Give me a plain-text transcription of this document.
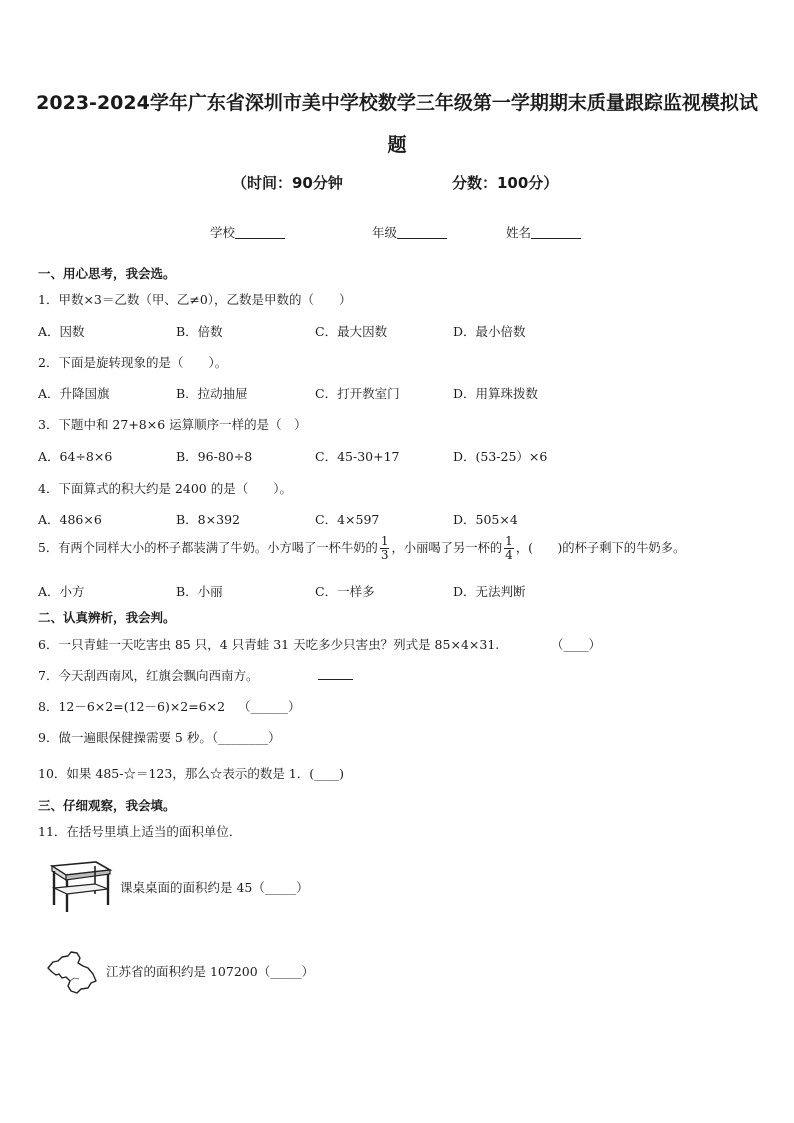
2023-2024学年广东省深圳市美中学校数学三年级第一学期期末质量跟踪监视模拟试
题
（时间：90分钟	分数：100分）
学校	年级	姓名
一、用心思考，我会选。
1．甲数×3＝乙数（甲、乙≠0），乙数是甲数的（　　）
A．因数	B．倍数	C．最大因数	D．最小倍数
2．下面是旋转现象的是（　　）。
A．升降国旗	B．拉动抽屉	C．打开教室门	D．用算珠拨数
3．下题中和 27+8×6 运算顺序一样的是（　）
A．64÷8×6	B．96-80÷8	C．45-30+17	D．(53-25）×6
4．下面算式的积大约是 2400 的是（　　）。
A．486×6	B．8×392	C．4×597	D．505×4
5．有两个同样大小的杯子都装满了牛奶。小方喝了一杯牛奶的 $\frac{1}{3}$ ，小丽喝了另一杯的 $\frac{1}{4}$ ，(　　)的杯子剩下的牛奶多。
A．小方	B．小丽	C．一样多	D．无法判断
二、认真辨析，我会判。
6．一只青蛙一天吃害虫 85 只，4 只青蛙 31 天吃多少只害虫？列式是 85×4×31.	（____）
7．今天刮西南风，红旗会飘向西南方。
8．12－6×2=(12－6)×2=6×2 （______）
9．做一遍眼保健操需要 5 秒。（________）
10．如果 485-☆＝123，那么☆表示的数是 1．(____)
三、仔细观察，我会填。
11．在括号里填上适当的面积单位．
课桌桌面的面积约是 45（_____）
江苏省的面积约是 107200（_____）
